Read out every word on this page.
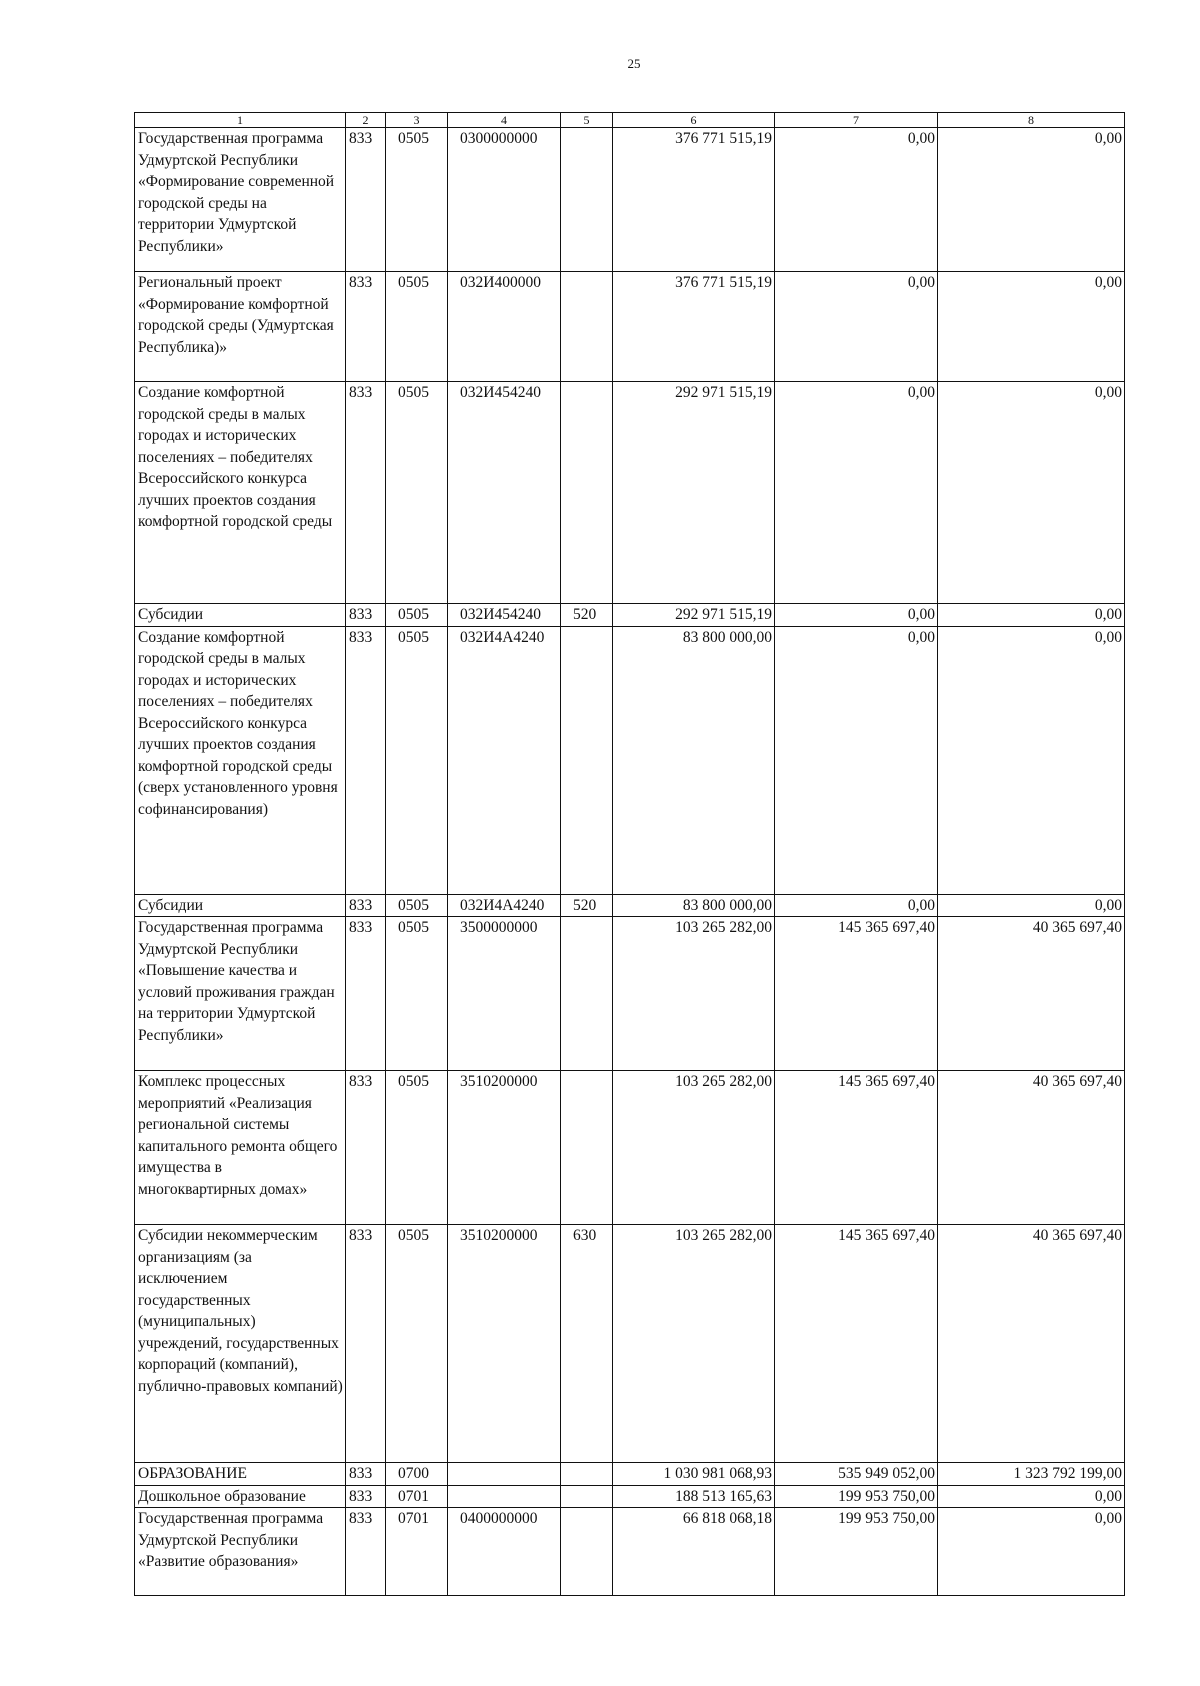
25
1	2	3	4	5	6	7	8
Государственная программа Удмуртской Республики «Формирование современной городской среды на территории Удмуртской Республики»	833	0505	0300000000		376 771 515,19	0,00	0,00
Региональный проект «Формирование комфортной городской среды (Удмуртская Республика)»	833	0505	032И400000		376 771 515,19	0,00	0,00
Создание комфортной городской среды в малых городах и исторических поселениях – победителях Всероссийского конкурса лучших проектов создания комфортной городской среды	833	0505	032И454240		292 971 515,19	0,00	0,00
Субсидии	833	0505	032И454240	520	292 971 515,19	0,00	0,00
Создание комфортной городской среды в малых городах и исторических поселениях – победителях Всероссийского конкурса лучших проектов создания комфортной городской среды (сверх установленного уровня софинансирования)	833	0505	032И4А4240		83 800 000,00	0,00	0,00
Субсидии	833	0505	032И4А4240	520	83 800 000,00	0,00	0,00
Государственная программа Удмуртской Республики «Повышение качества и условий проживания граждан на территории Удмуртской Республики»	833	0505	3500000000		103 265 282,00	145 365 697,40	40 365 697,40
Комплекс процессных мероприятий «Реализация региональной системы капитального ремонта общего имущества в многоквартирных домах»	833	0505	3510200000		103 265 282,00	145 365 697,40	40 365 697,40
Субсидии некоммерческим организациям (за исключением государственных (муниципальных) учреждений, государственных корпораций (компаний), публично-правовых компаний)	833	0505	3510200000	630	103 265 282,00	145 365 697,40	40 365 697,40
ОБРАЗОВАНИЕ	833	0700			1 030 981 068,93	535 949 052,00	1 323 792 199,00
Дошкольное образование	833	0701			188 513 165,63	199 953 750,00	0,00
Государственная программа Удмуртской Республики «Развитие образования»	833	0701	0400000000		66 818 068,18	199 953 750,00	0,00
